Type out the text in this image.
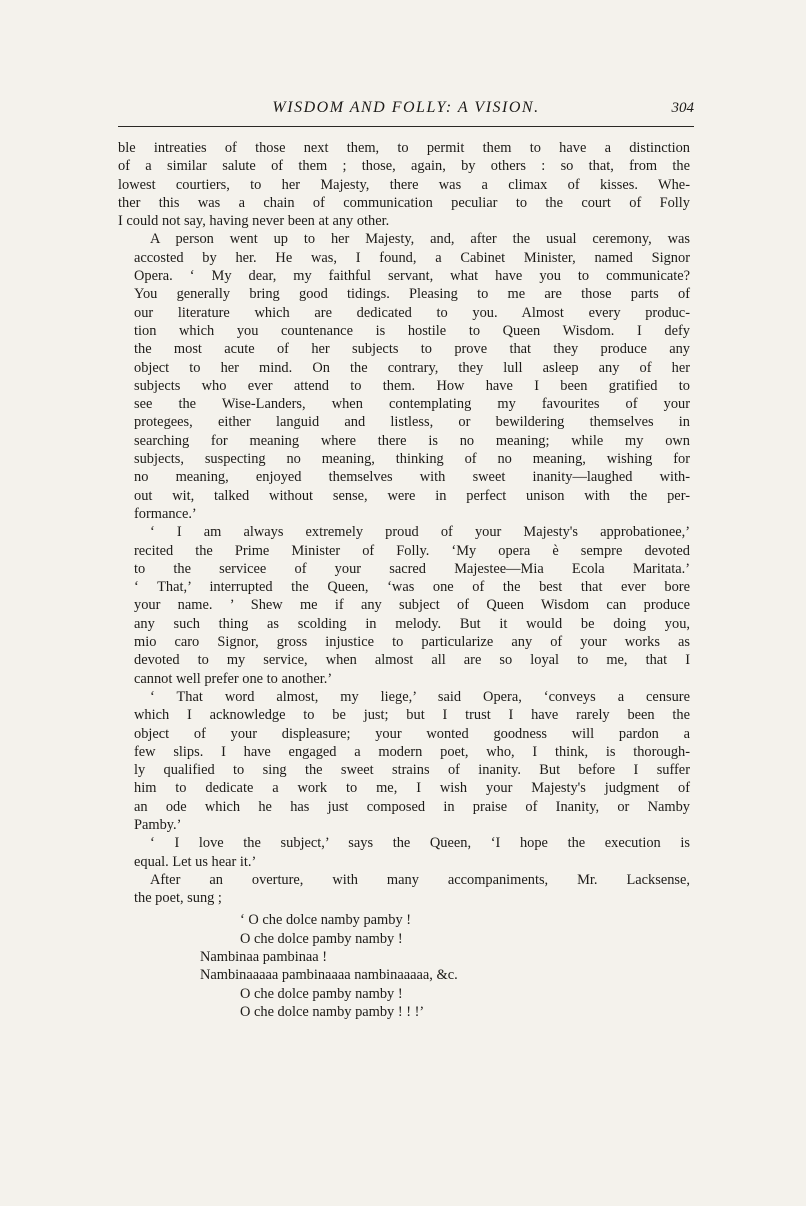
WISDOM AND FOLLY: A VISION.	304

ble intreaties of those next them, to permit them to have a distinction
of a similar salute of them ; those, again, by others : so that, from the
lowest courtiers, to her Majesty, there was a climax of kisses. Whe-
ther this was a chain of communication peculiar to the court of Folly
I could not say, having never been at any other.

A person went up to her Majesty, and, after the usual ceremony, was
accosted by her. He was, I found, a Cabinet Minister, named Signor
Opera. ‘ My dear, my faithful servant, what have you to communicate?
You generally bring good tidings. Pleasing to me are those parts of
our literature which are dedicated to you. Almost every produc-
tion which you countenance is hostile to Queen Wisdom. I defy
the most acute of her subjects to prove that they produce any
object to her mind. On the contrary, they lull asleep any of her
subjects who ever attend to them. How have I been gratified to
see the Wise-Landers, when contemplating my favourites of your
protegees, either languid and listless, or bewildering themselves in
searching for meaning where there is no meaning; while my own
subjects, suspecting no meaning, thinking of no meaning, wishing for
no meaning, enjoyed themselves with sweet inanity—laughed with-
out wit, talked without sense, were in perfect unison with the per-
formance.’

‘ I am always extremely proud of your Majesty's approbationee,’
recited the Prime Minister of Folly. ‘My opera è sempre devoted
to the servicee of your sacred Majestee—Mia Ecola Maritata.’
‘ That,’ interrupted the Queen, ‘was one of the best that ever bore
your name. ’ Shew me if any subject of Queen Wisdom can produce
any such thing as scolding in melody. But it would be doing you,
mio caro Signor, gross injustice to particularize any of your works as
devoted to my service, when almost all are so loyal to me, that I
cannot well prefer one to another.’

‘ That word almost, my liege,’ said Opera, ‘conveys a censure
which I acknowledge to be just; but I trust I have rarely been the
object of your displeasure; your wonted goodness will pardon a
few slips. I have engaged a modern poet, who, I think, is thorough-
ly qualified to sing the sweet strains of inanity. But before I suffer
him to dedicate a work to me, I wish your Majesty's judgment of
an ode which he has just composed in praise of Inanity, or Namby
Pamby.’

‘ I love the subject,’ says the Queen, ‘I hope the execution is
equal. Let us hear it.’

After an overture, with many accompaniments, Mr. Lacksense,
the poet, sung ;

‘ O che dolce namby pamby !
O che dolce pamby namby !
Nambinaa pambinaa !
Nambinaaaaa pambinaaaa nambinaaaaa, &c.
O che dolce pamby namby !
O che dolce namby pamby ! ! !’
